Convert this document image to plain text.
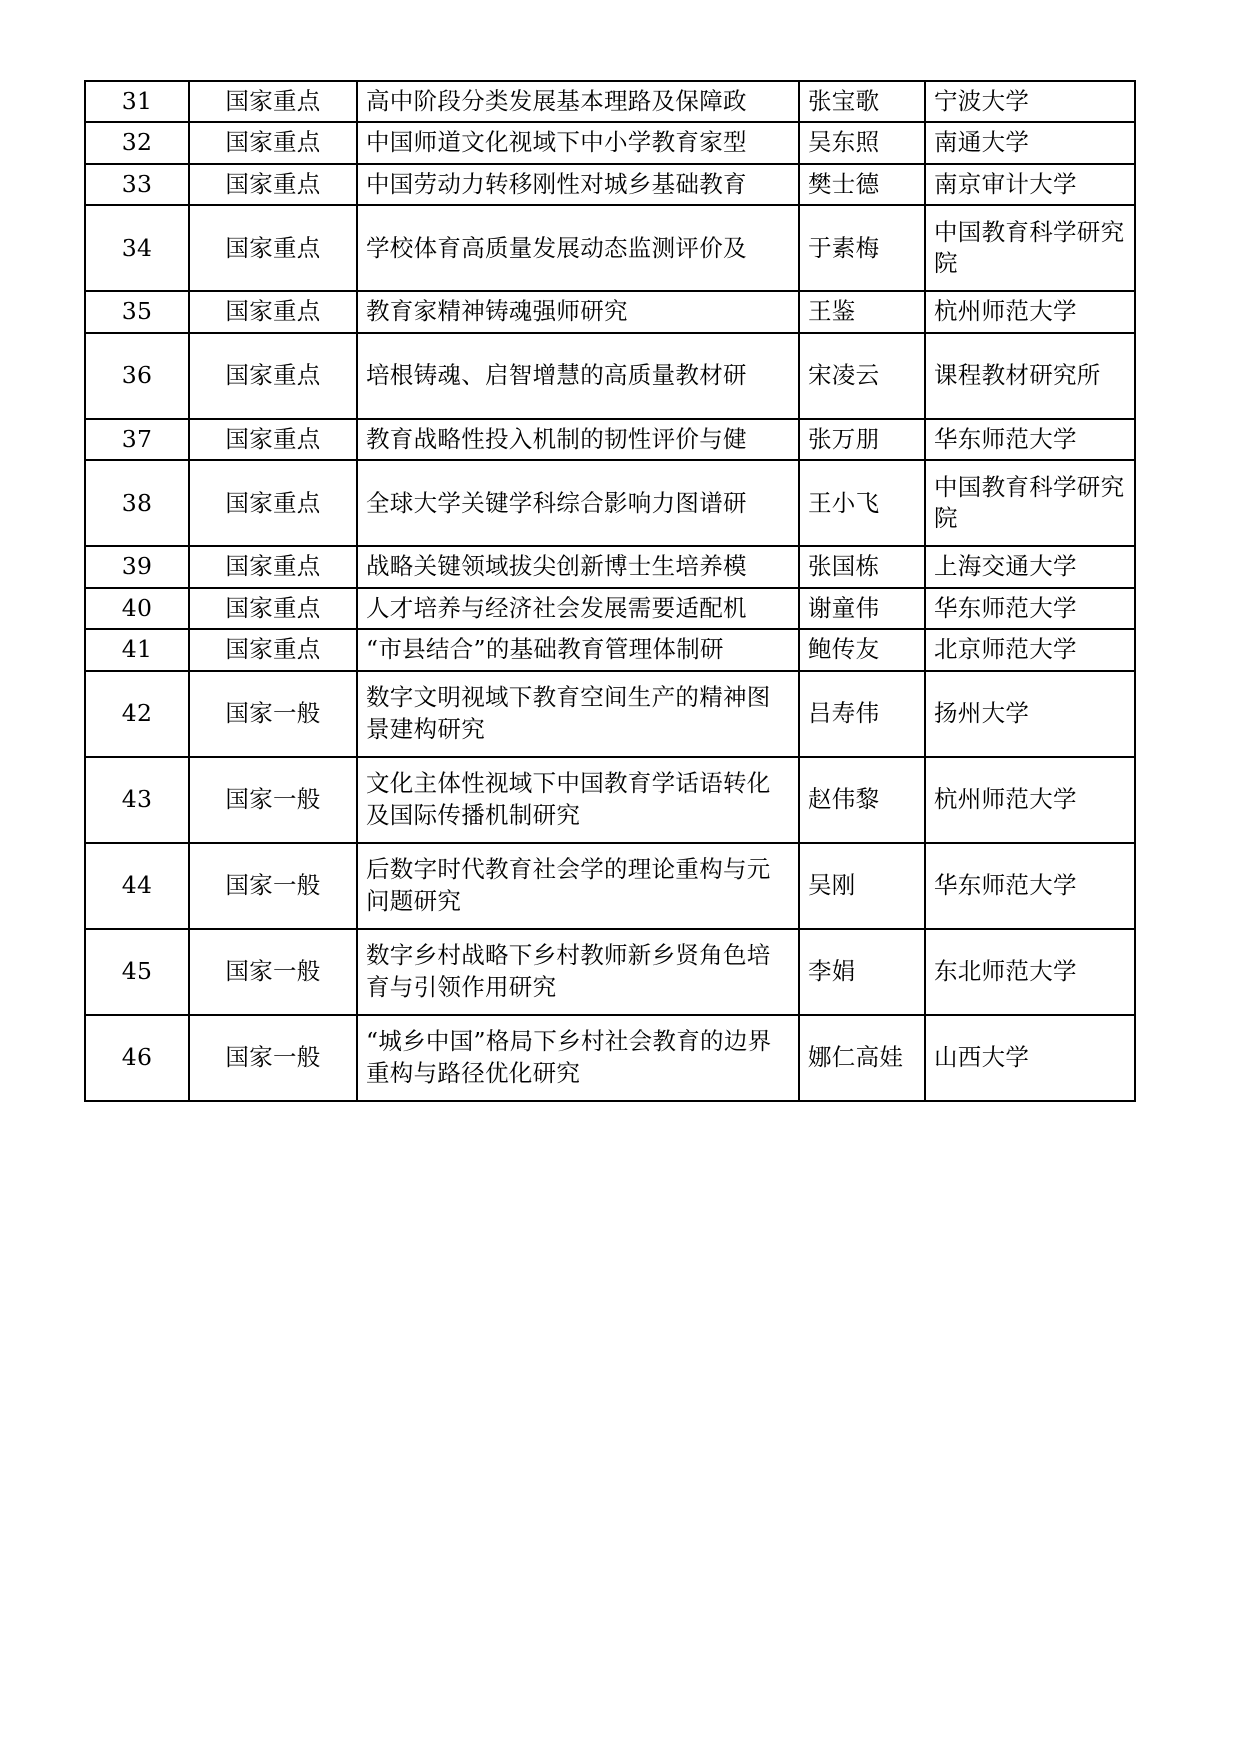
31	国家重点	高中阶段分类发展基本理路及保障政	张宝歌	宁波大学
32	国家重点	中国师道文化视域下中小学教育家型	吴东照	南通大学
33	国家重点	中国劳动力转移刚性对城乡基础教育	樊士德	南京审计大学
34	国家重点	学校体育高质量发展动态监测评价及	于素梅	中国教育科学研究院
35	国家重点	教育家精神铸魂强师研究	王鉴	杭州师范大学
36	国家重点	培根铸魂、启智增慧的高质量教材研	宋凌云	课程教材研究所
37	国家重点	教育战略性投入机制的韧性评价与健	张万朋	华东师范大学
38	国家重点	全球大学关键学科综合影响力图谱研	王小飞	中国教育科学研究院
39	国家重点	战略关键领域拔尖创新博士生培养模	张国栋	上海交通大学
40	国家重点	人才培养与经济社会发展需要适配机	谢童伟	华东师范大学
41	国家重点	“市县结合”的基础教育管理体制研	鲍传友	北京师范大学
42	国家一般	数字文明视域下教育空间生产的精神图景建构研究	吕寿伟	扬州大学
43	国家一般	文化主体性视域下中国教育学话语转化及国际传播机制研究	赵伟黎	杭州师范大学
44	国家一般	后数字时代教育社会学的理论重构与元问题研究	吴刚	华东师范大学
45	国家一般	数字乡村战略下乡村教师新乡贤角色培育与引领作用研究	李娟	东北师范大学
46	国家一般	“城乡中国”格局下乡村社会教育的边界重构与路径优化研究	娜仁高娃	山西大学
